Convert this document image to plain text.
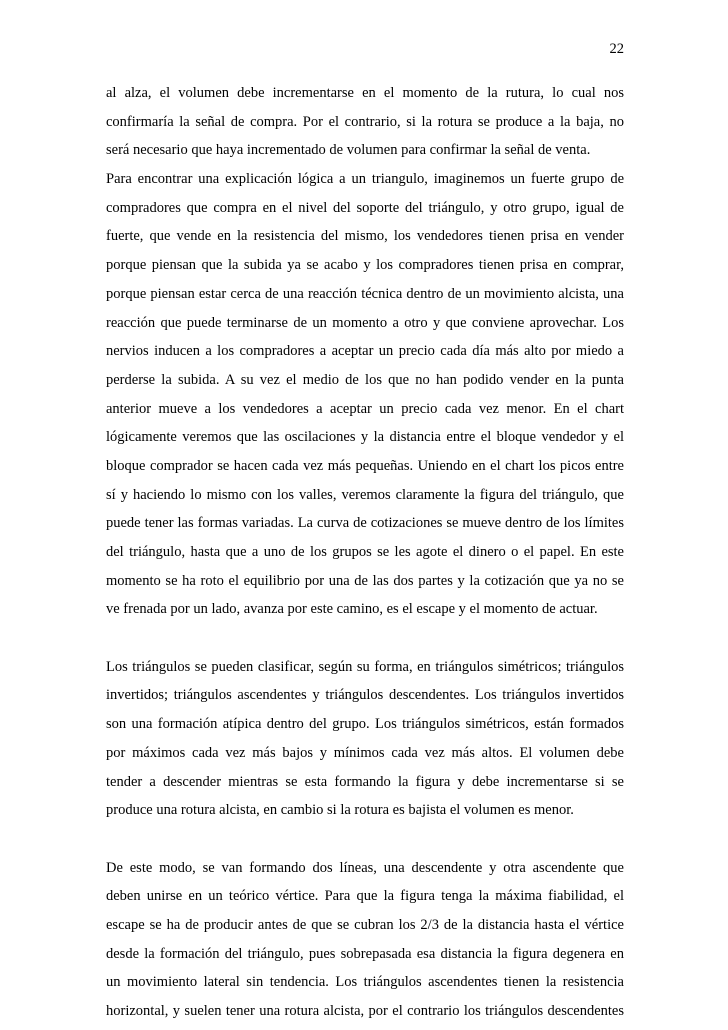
22
al alza, el volumen debe incrementarse en el momento de la rutura, lo cual nos
confirmaría la señal de compra. Por el contrario, si la rotura se produce a la baja, no
será necesario que haya incrementado de volumen para confirmar la señal de venta.
Para encontrar una explicación lógica a un triangulo, imaginemos un fuerte grupo de
compradores que compra en el nivel del soporte del triángulo, y otro grupo, igual de
fuerte, que vende en la resistencia del mismo, los vendedores tienen prisa en vender
porque piensan que la subida ya se acabo y los compradores tienen prisa en comprar,
porque piensan estar cerca de una reacción técnica dentro de un movimiento alcista, una
reacción que puede terminarse de un momento a otro y que conviene aprovechar. Los
nervios inducen a los compradores a aceptar un precio cada día más alto por miedo a
perderse la subida. A su vez el medio de los que no han podido vender en la punta
anterior mueve a los vendedores a aceptar un precio cada vez menor. En el chart
lógicamente veremos que las oscilaciones y la distancia entre el bloque vendedor y el
bloque comprador se hacen cada vez más pequeñas. Uniendo en el chart los picos entre
sí y haciendo lo mismo con los valles, veremos claramente la figura del triángulo, que
puede tener las formas variadas. La curva de cotizaciones se mueve dentro de los límites
del triángulo, hasta que a uno de los grupos se les agote el dinero o el papel. En este
momento se ha roto el equilibrio por una de las dos partes y la cotización que ya no se
ve frenada por un lado, avanza por este camino, es el escape y el momento de actuar.
Los triángulos se pueden clasificar, según su forma, en triángulos simétricos; triángulos
invertidos; triángulos ascendentes y triángulos descendentes. Los triángulos invertidos
son una formación atípica dentro del grupo. Los triángulos simétricos, están formados
por máximos cada vez más bajos y mínimos cada vez más altos. El volumen debe
tender a descender mientras se esta formando la figura y debe incrementarse si se
produce una rotura alcista, en cambio si la rotura es bajista el volumen es menor.
De este modo, se van formando dos líneas, una descendente y otra ascendente que
deben unirse en un teórico vértice. Para que la figura tenga la máxima fiabilidad, el
escape se ha de producir antes de que se cubran los 2/3 de la distancia hasta el vértice
desde la formación del triángulo, pues sobrepasada esa distancia la figura degenera en
un movimiento lateral sin tendencia. Los triángulos ascendentes tienen la resistencia
horizontal, y suelen tener una rotura alcista, por el contrario los triángulos descendentes
